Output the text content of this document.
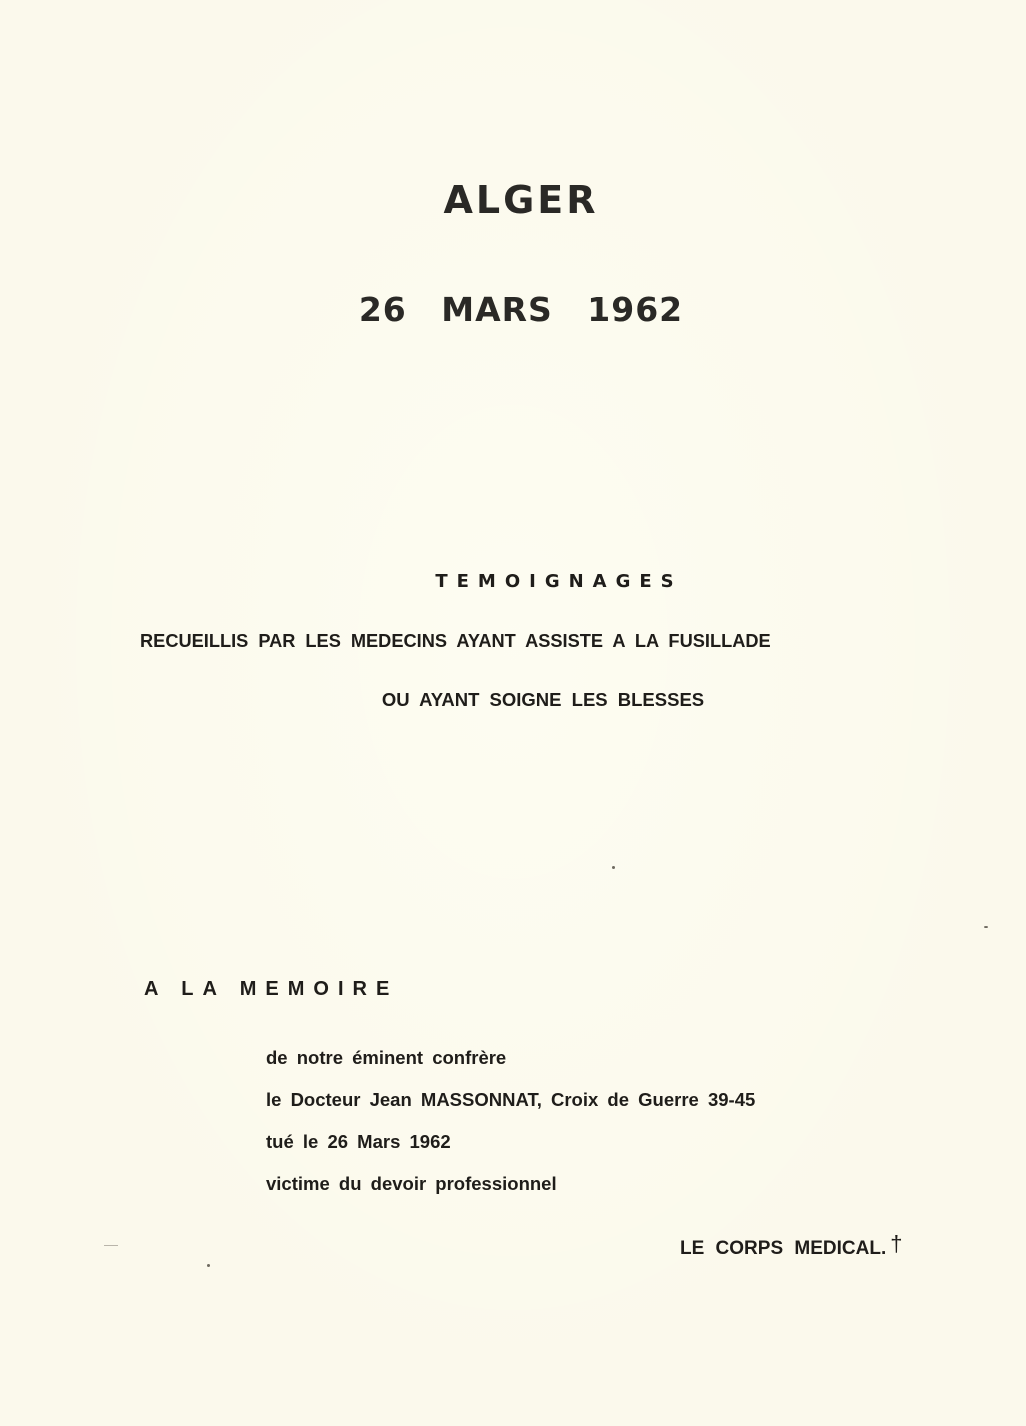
ALGER
26 MARS 1962
TEMOIGNAGES
RECUEILLIS PAR LES MEDECINS AYANT ASSISTE A LA FUSILLADE
OU AYANT SOIGNE LES BLESSES
A LA MEMOIRE
de notre éminent confrère
le Docteur Jean MASSONNAT, Croix de Guerre 39-45
tué le 26 Mars 1962
victime du devoir professionnel
LE CORPS MEDICAL. †
